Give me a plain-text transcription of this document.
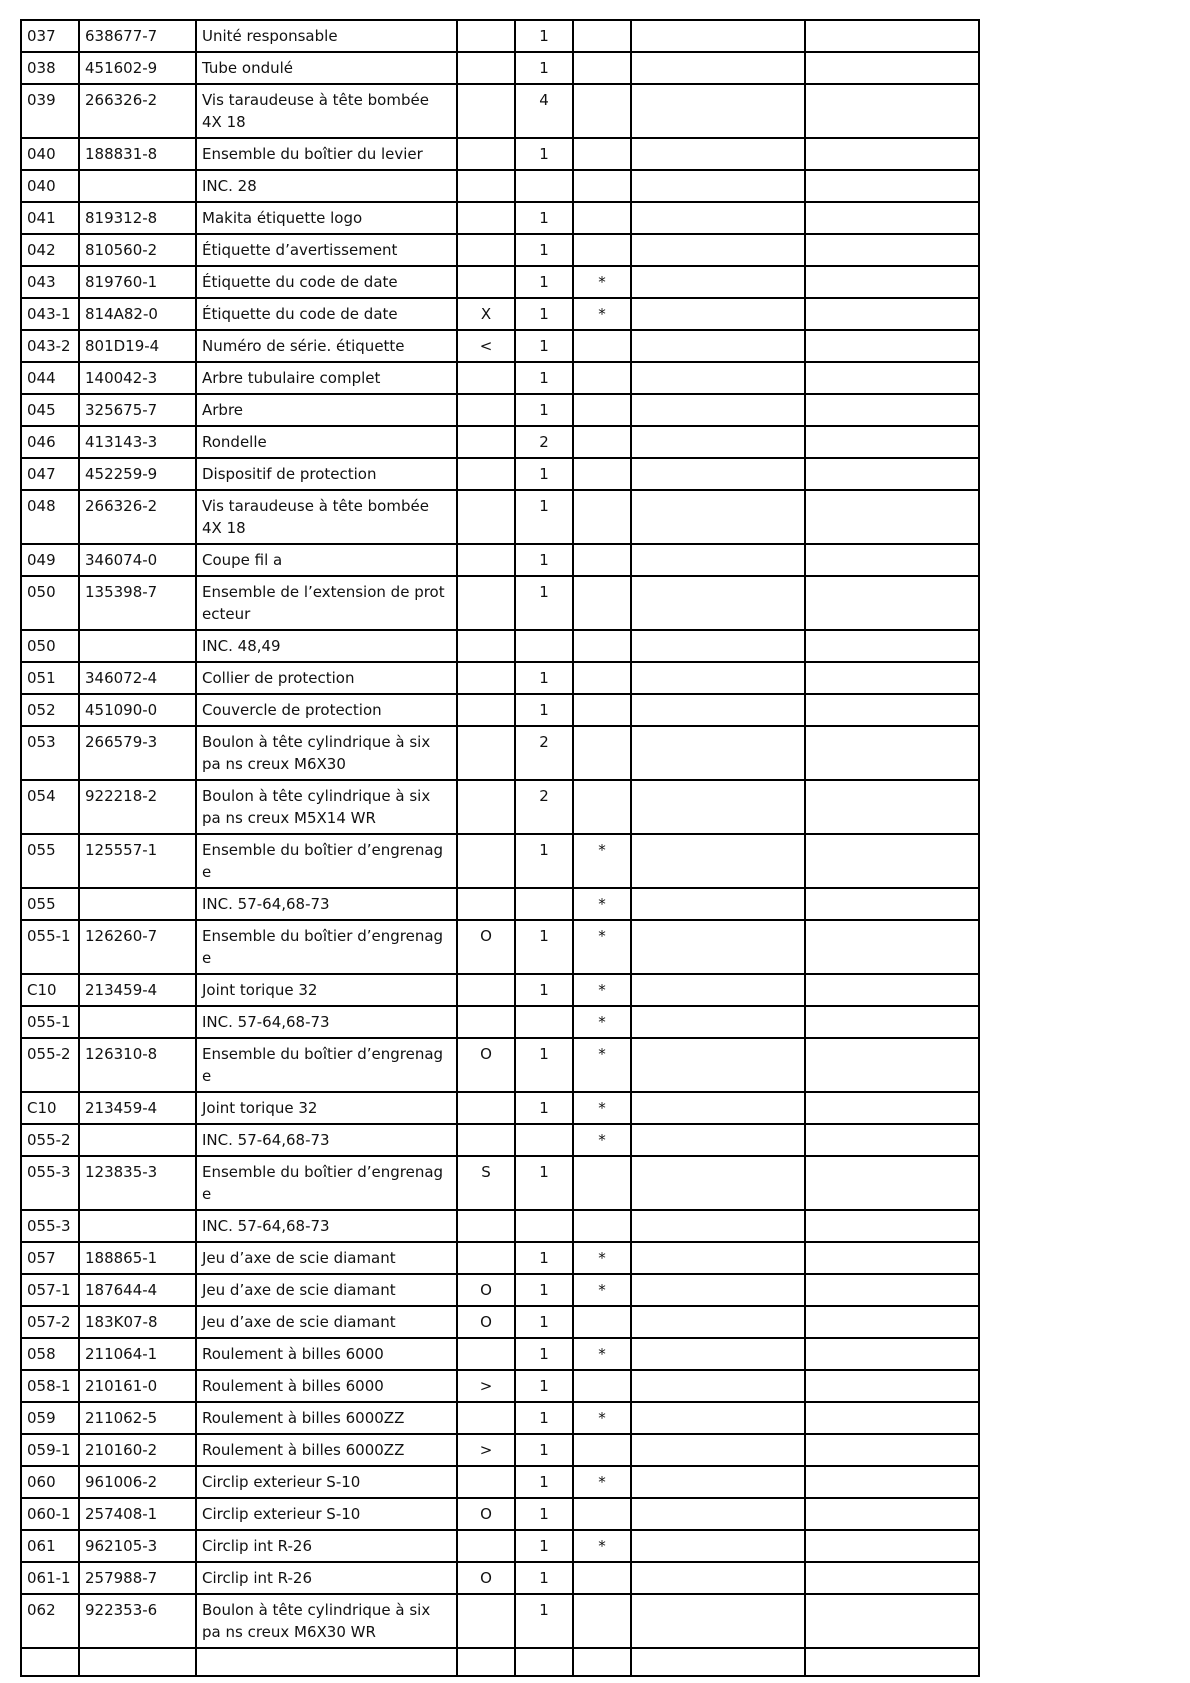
037	638677-7	Unité responsable		1			
038	451602-9	Tube ondulé		1			
039	266326-2	Vis taraudeuse à tête bombée 4X 18		4			
040	188831-8	Ensemble du boîtier du levier		1			
040		INC. 28					
041	819312-8	Makita étiquette logo		1			
042	810560-2	Étiquette d’avertissement		1			
043	819760-1	Étiquette du code de date		1	*		
043-1	814A82-0	Étiquette du code de date	X	1	*		
043-2	801D19-4	Numéro de série. étiquette	<	1			
044	140042-3	Arbre tubulaire complet		1			
045	325675-7	Arbre		1			
046	413143-3	Rondelle		2			
047	452259-9	Dispositif de protection		1			
048	266326-2	Vis taraudeuse à tête bombée 4X 18		1			
049	346074-0	Coupe fil a		1			
050	135398-7	Ensemble de l’extension de prot ecteur		1			
050		INC. 48,49					
051	346072-4	Collier de protection		1			
052	451090-0	Couvercle de protection		1			
053	266579-3	Boulon à tête cylindrique à six pa ns creux M6X30		2			
054	922218-2	Boulon à tête cylindrique à six pa ns creux M5X14 WR		2			
055	125557-1	Ensemble du boîtier d’engrenag e		1	*		
055		INC. 57-64,68-73			*		
055-1	126260-7	Ensemble du boîtier d’engrenag e	O	1	*		
C10	213459-4	Joint torique 32		1	*		
055-1		INC. 57-64,68-73			*		
055-2	126310-8	Ensemble du boîtier d’engrenag e	O	1	*		
C10	213459-4	Joint torique 32		1	*		
055-2		INC. 57-64,68-73			*		
055-3	123835-3	Ensemble du boîtier d’engrenag e	S	1			
055-3		INC. 57-64,68-73					
057	188865-1	Jeu d’axe de scie diamant		1	*		
057-1	187644-4	Jeu d’axe de scie diamant	O	1	*		
057-2	183K07-8	Jeu d’axe de scie diamant	O	1			
058	211064-1	Roulement à billes 6000		1	*		
058-1	210161-0	Roulement à billes 6000	>	1			
059	211062-5	Roulement à billes 6000ZZ		1	*		
059-1	210160-2	Roulement à billes 6000ZZ	>	1			
060	961006-2	Circlip exterieur S-10		1	*		
060-1	257408-1	Circlip exterieur S-10	O	1			
061	962105-3	Circlip int R-26		1	*		
061-1	257988-7	Circlip int R-26	O	1			
062	922353-6	Boulon à tête cylindrique à six pa ns creux M6X30 WR		1			
